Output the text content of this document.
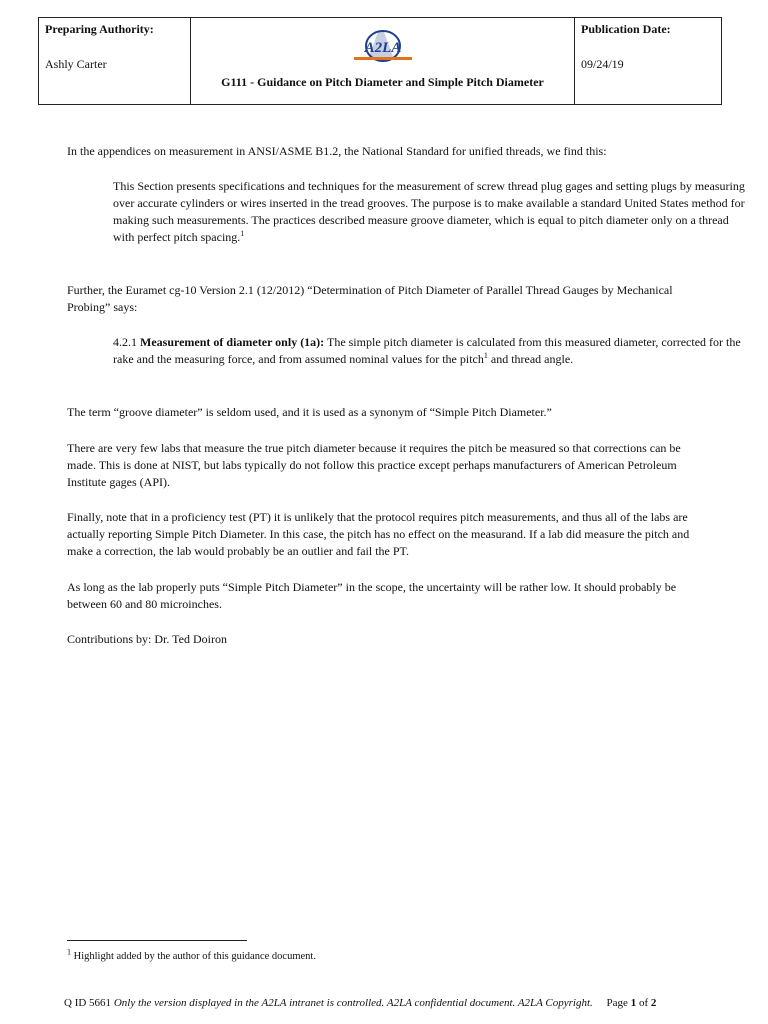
Preparing Authority:
Ashly Carter
A2LA
G111 - Guidance on Pitch Diameter and Simple Pitch Diameter
Publication Date:
09/24/19

In the appendices on measurement in ANSI/ASME B1.2, the National Standard for unified threads, we find this:

This Section presents specifications and techniques for the measurement of screw thread plug gages and setting plugs by measuring over accurate cylinders or wires inserted in the tread grooves. The purpose is to make available a standard United States method for making such measurements. The practices described measure groove diameter, which is equal to pitch diameter only on a thread with perfect pitch spacing.$^1$

Further, the Euramet cg-10 Version 2.1 (12/2012) “Determination of Pitch Diameter of Parallel Thread Gauges by Mechanical Probing” says:

4.2.1 Measurement of diameter only (1a): The simple pitch diameter is calculated from this measured diameter, corrected for the rake and the measuring force, and from assumed nominal values for the pitch$^1$ and thread angle.

The term “groove diameter” is seldom used, and it is used as a synonym of “Simple Pitch Diameter.”

There are very few labs that measure the true pitch diameter because it requires the pitch be measured so that corrections can be made. This is done at NIST, but labs typically do not follow this practice except perhaps manufacturers of American Petroleum Institute gages (API).

Finally, note that in a proficiency test (PT) it is unlikely that the protocol requires pitch measurements, and thus all of the labs are actually reporting Simple Pitch Diameter. In this case, the pitch has no effect on the measurand. If a lab did measure the pitch and make a correction, the lab would probably be an outlier and fail the PT.

As long as the lab properly puts “Simple Pitch Diameter” in the scope, the uncertainty will be rather low. It should probably be between 60 and 80 microinches.

Contributions by: Dr. Ted Doiron

$^1$ Highlight added by the author of this guidance document.
Q ID 5661 Only the version displayed in the A2LA intranet is controlled. A2LA confidential document. A2LA Copyright. Page 1 of 2
